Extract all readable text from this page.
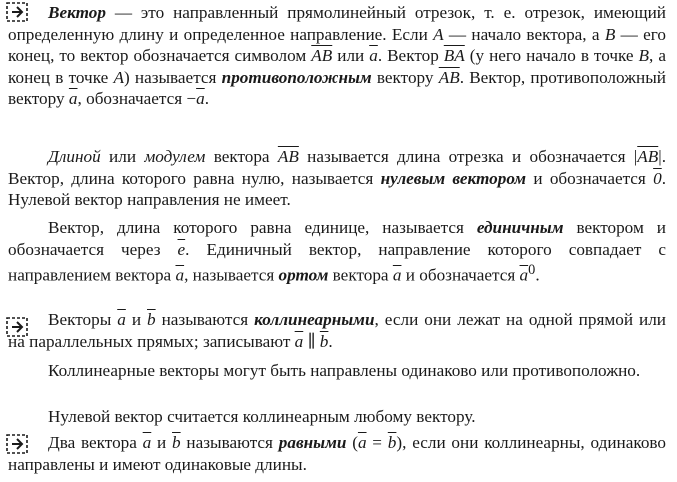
Вектор — это направленный прямолинейный отрезок, т. е. отрезок, имеющий определенную длину и определенное направление. Если A — начало вектора, а B — его конец, то вектор обозначается символом $\overline{AB}$ или $\overline{a}$. Вектор $\overline{BA}$ (у него начало в точке B, а конец в точке A) называется противоположным вектору $\overline{AB}$. Вектор, противоположный вектору $\overline{a}$, обозначается $-\overline{a}$.
Длиной или модулем вектора $\overline{AB}$ называется длина отрезка и обозначается $|\overline{AB}|$. Вектор, длина которого равна нулю, называется нулевым вектором и обозначается 0. Нулевой вектор направления не имеет.
Вектор, длина которого равна единице, называется единичным вектором и обозначается через $\overline{e}$. Единичный вектор, направление которого совпадает с направлением вектора $\overline{a}$, называется ортом вектора $\overline{a}$ и обозначается $\overline{a}^0$.
Векторы $\overline{a}$ и $\overline{b}$ называются коллинеарными, если они лежат на одной прямой или на параллельных прямых; записывают $\overline{a}$ ∥ $\overline{b}$.
Коллинеарные векторы могут быть направлены одинаково или противоположно.
Нулевой вектор считается коллинеарным любому вектору.
Два вектора $\overline{a}$ и $\overline{b}$ называются равными $(\overline{a} = \overline{b})$, если они коллинеарны, одинаково направлены и имеют одинаковые длины.
